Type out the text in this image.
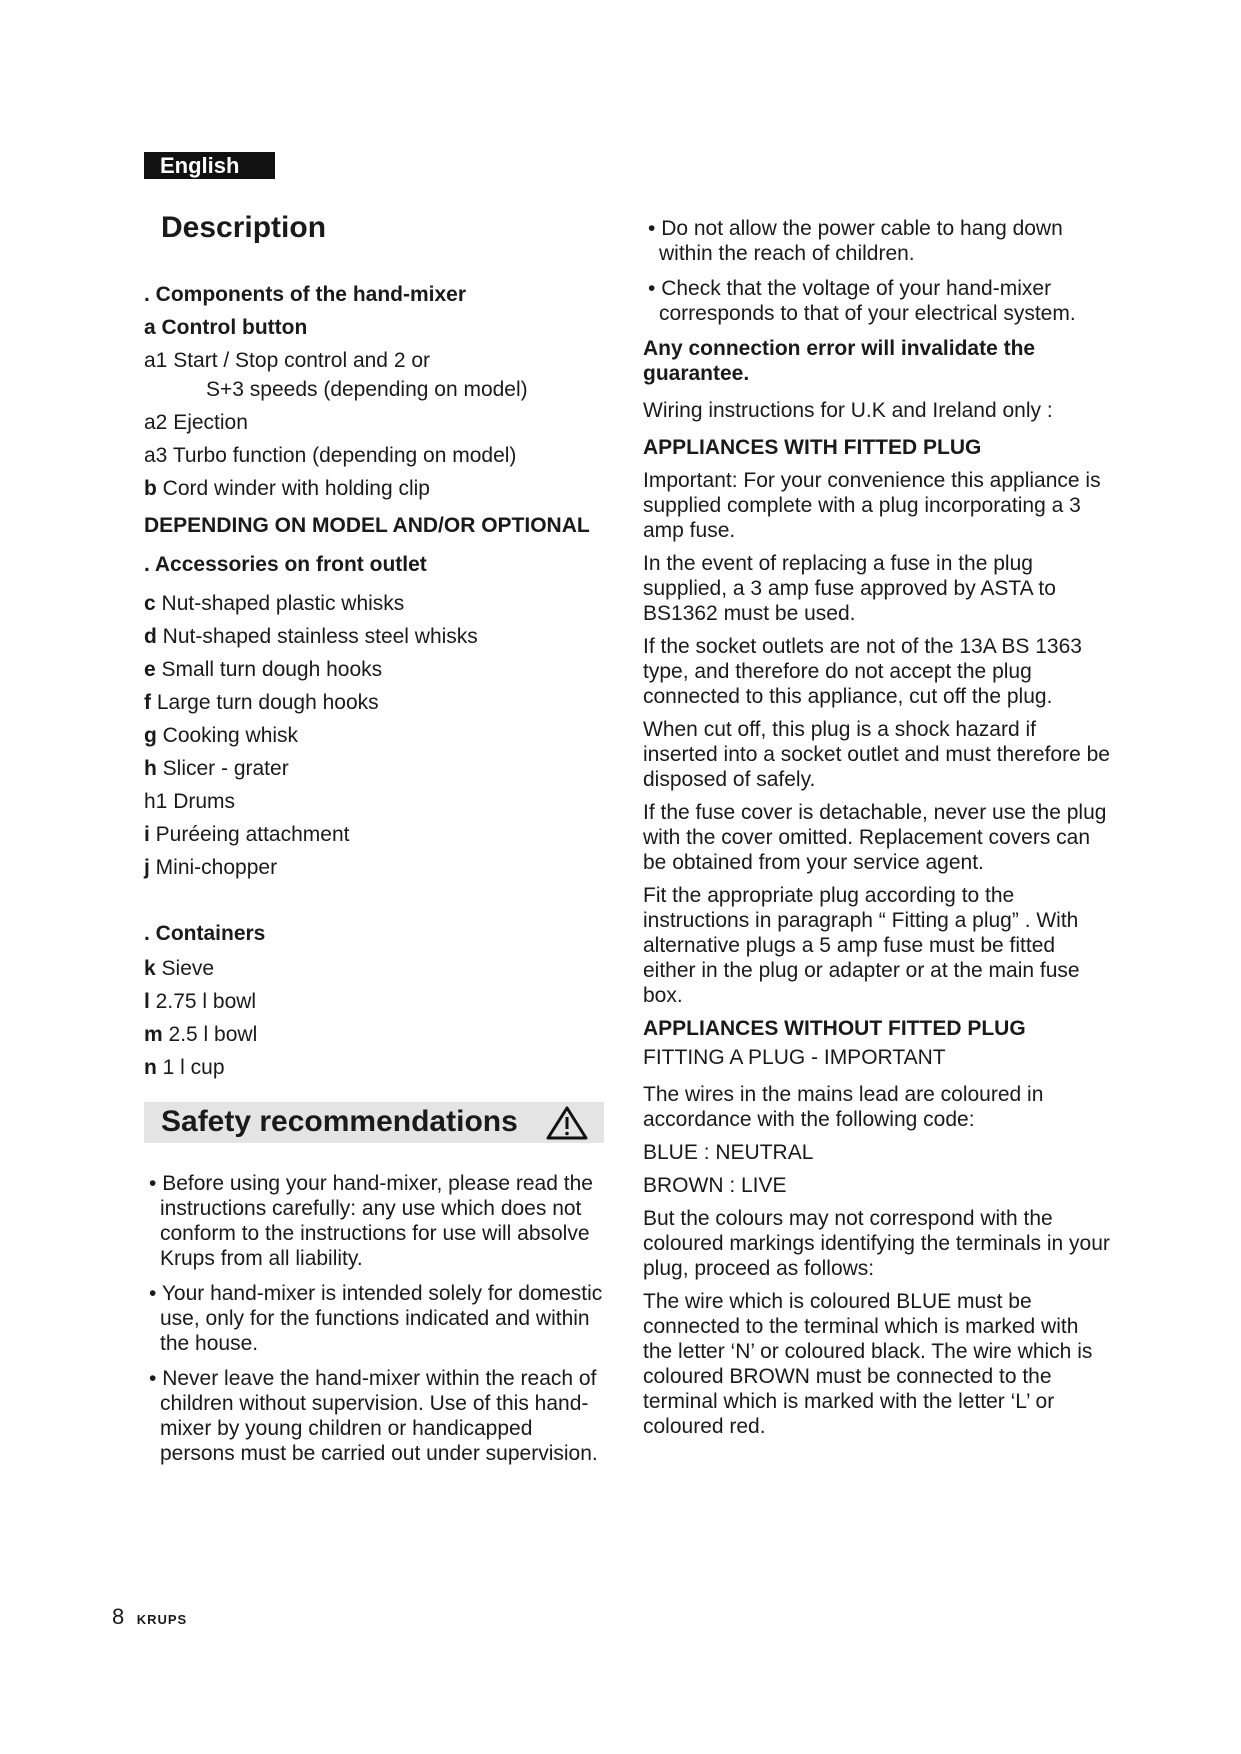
English
Description
. Components of the hand-mixer
a Control button
a1 Start / Stop control and 2 or
S+3 speeds (depending on model)
a2 Ejection
a3 Turbo function (depending on model)
b Cord winder with holding clip
DEPENDING ON MODEL AND/OR OPTIONAL
. Accessories on front outlet
c Nut-shaped plastic whisks
d Nut-shaped stainless steel whisks
e Small turn dough hooks
f Large turn dough hooks
g Cooking whisk
h Slicer - grater
h1 Drums
i Puréeing attachment
j Mini-chopper
. Containers
k Sieve
l 2.75 l bowl
m 2.5 l bowl
n 1 l cup
Safety recommendations
• Before using your hand-mixer, please read the instructions carefully: any use which does not conform to the instructions for use will absolve Krups from all liability.
• Your hand-mixer is intended solely for domestic use, only for the functions indicated and within the house.
• Never leave the hand-mixer within the reach of children without supervision. Use of this hand-mixer by young children or handicapped persons must be carried out under supervision.
• Do not allow the power cable to hang down within the reach of children.
• Check that the voltage of your hand-mixer corresponds to that of your electrical system.
Any connection error will invalidate the guarantee.
Wiring instructions for U.K and Ireland only :
APPLIANCES WITH FITTED PLUG
Important: For your convenience this appliance is supplied complete with a plug incorporating a 3 amp fuse.
In the event of replacing a fuse in the plug supplied, a 3 amp fuse approved by ASTA to BS1362 must be used.
If the socket outlets are not of the 13A BS 1363 type, and therefore do not accept the plug connected to this appliance, cut off the plug.
When cut off, this plug is a shock hazard if inserted into a socket outlet and must therefore be disposed of safely.
If the fuse cover is detachable, never use the plug with the cover omitted. Replacement covers can be obtained from your service agent.
Fit the appropriate plug according to the instructions in paragraph “ Fitting a plug” . With alternative plugs a 5 amp fuse must be fitted either in the plug or adapter or at the main fuse box.
APPLIANCES WITHOUT FITTED PLUG
FITTING A PLUG - IMPORTANT
The wires in the mains lead are coloured in accordance with the following code:
BLUE : NEUTRAL
BROWN : LIVE
But the colours may not correspond with the coloured markings identifying the terminals in your plug, proceed as follows:
The wire which is coloured BLUE must be connected to the terminal which is marked with the letter ‘N’ or coloured black. The wire which is coloured BROWN must be connected to the terminal which is marked with the letter ‘L’ or coloured red.
8 KRUPS
